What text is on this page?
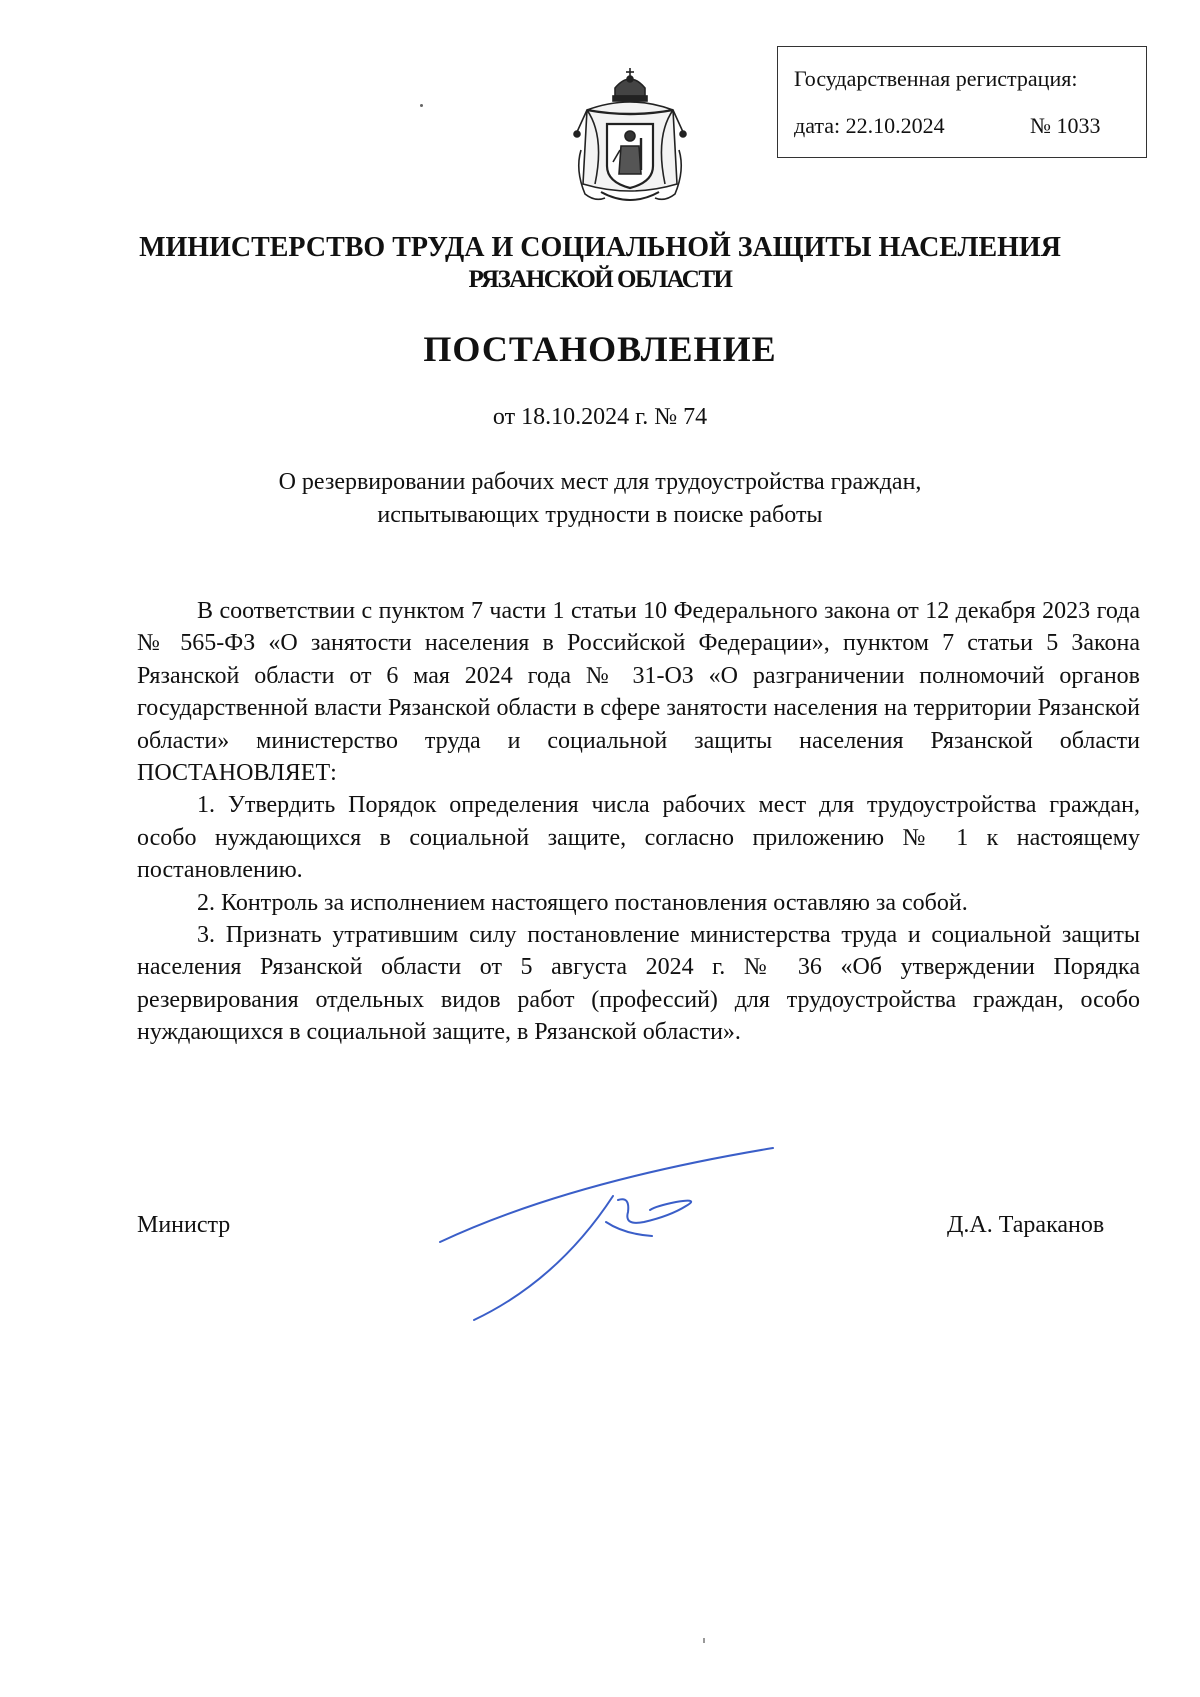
Государственная регистрация:
дата: 22.10.2024	№ 1033
МИНИСТЕРСТВО ТРУДА И СОЦИАЛЬНОЙ ЗАЩИТЫ НАСЕЛЕНИЯ
РЯЗАНСКОЙ ОБЛАСТИ
ПОСТАНОВЛЕНИЕ
от 18.10.2024 г. № 74
О резервировании рабочих мест для трудоустройства граждан,
испытывающих трудности в поиске работы

В соответствии с пунктом 7 части 1 статьи 10 Федерального закона от 12 декабря 2023 года № 565-ФЗ «О занятости населения в Российской Федерации», пунктом 7 статьи 5 Закона Рязанской области от 6 мая 2024 года № 31-ОЗ «О разграничении полномочий органов государственной власти Рязанской области в сфере занятости населения на территории Рязанской области» министерство труда и социальной защиты населения Рязанской области ПОСТАНОВЛЯЕТ:

1. Утвердить Порядок определения числа рабочих мест для трудоустройства граждан, особо нуждающихся в социальной защите, согласно приложению № 1 к настоящему постановлению.

2. Контроль за исполнением настоящего постановления оставляю за собой.

3. Признать утратившим силу постановление министерства труда и социальной защиты населения Рязанской области от 5 августа 2024 г. № 36 «Об утверждении Порядка резервирования отдельных видов работ (профессий) для трудоустройства граждан, особо нуждающихся в социальной защите, в Рязанской области».

Министр	Д.А. Тараканов
